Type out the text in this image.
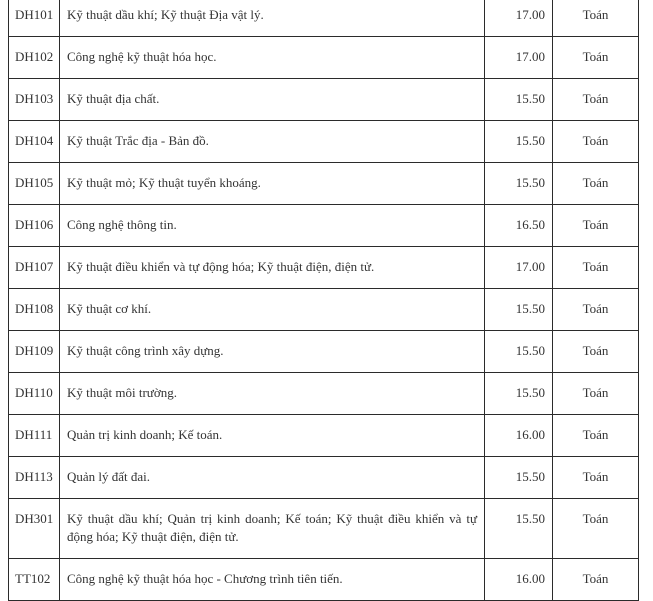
DH101	Kỹ thuật dầu khí; Kỹ thuật Địa vật lý.	17.00	Toán
DH102	Công nghệ kỹ thuật hóa học.	17.00	Toán
DH103	Kỹ thuật địa chất.	15.50	Toán
DH104	Kỹ thuật Trắc địa - Bản đồ.	15.50	Toán
DH105	Kỹ thuật mỏ; Kỹ thuật tuyển khoáng.	15.50	Toán
DH106	Công nghệ thông tin.	16.50	Toán
DH107	Kỹ thuật điều khiển và tự động hóa; Kỹ thuật điện, điện tử.	17.00	Toán
DH108	Kỹ thuật cơ khí.	15.50	Toán
DH109	Kỹ thuật công trình xây dựng.	15.50	Toán
DH110	Kỹ thuật môi trường.	15.50	Toán
DH111	Quản trị kinh doanh; Kế toán.	16.00	Toán
DH113	Quản lý đất đai.	15.50	Toán
DH301	Kỹ thuật dầu khí; Quản trị kinh doanh; Kế toán; Kỹ thuật điều khiển và tự động hóa; Kỹ thuật điện, điện tử.	15.50	Toán
TT102	Công nghệ kỹ thuật hóa học - Chương trình tiên tiến.	16.00	Toán
